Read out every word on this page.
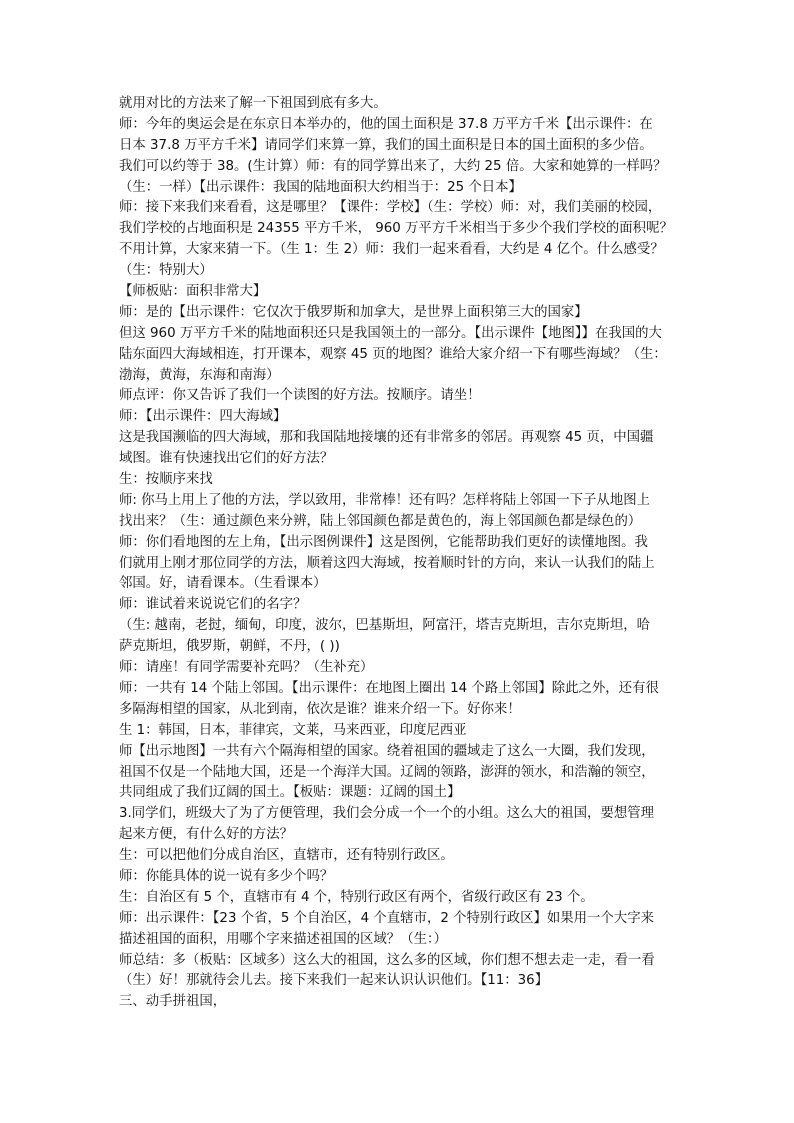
就用对比的方法来了解一下祖国到底有多大。
师：今年的奥运会是在东京日本举办的，他的国土面积是 37.8 万平方千米【出示课件：在
日本 37.8 万平方千米】请同学们来算一算，我们的国土面积是日本的国土面积的多少倍。
我们可以约等于 38。(生计算）师：有的同学算出来了，大约 25 倍。大家和她算的一样吗？
（生：一样）【出示课件：我国的陆地面积大约相当于：25 个日本】
师：接下来我们来看看，这是哪里？【课件：学校】（生：学校）师：对，我们美丽的校园，
我们学校的占地面积是 24355 平方千米， 960 万平方千米相当于多少个我们学校的面积呢？
不用计算，大家来猜一下。（生 1：生 2）师：我们一起来看看，大约是 4 亿个。什么感受？
（生：特别大）
【师板贴：面积非常大】
师：是的【出示课件：它仅次于俄罗斯和加拿大，是世界上面积第三大的国家】
但这 960 万平方千米的陆地面积还只是我国领土的一部分。【出示课件【地图】】在我国的大
陆东面四大海域相连，打开课本，观察 45 页的地图？谁给大家介绍一下有哪些海域？（生：
渤海，黄海，东海和南海）
师点评：你又告诉了我们一个读图的好方法。按顺序。请坐！
师：【出示课件：四大海域】
这是我国濒临的四大海域，那和我国陆地接壤的还有非常多的邻居。再观察 45 页，中国疆
域图。谁有快速找出它们的好方法？
生：按顺序来找
师: 你马上用上了他的方法，学以致用，非常棒！还有吗？怎样将陆上邻国一下子从地图上
找出来？（生：通过颜色来分辨，陆上邻国颜色都是黄色的，海上邻国颜色都是绿色的）
师：你们看地图的左上角，【出示图例课件】这是图例，它能帮助我们更好的读懂地图。我
们就用上刚才那位同学的方法，顺着这四大海域，按着顺时针的方向，来认一认我们的陆上
邻国。好，请看课本。（生看课本）
师：谁试着来说说它们的名字？
（生: 越南，老挝，缅甸，印度，波尔，巴基斯坦，阿富汗，塔吉克斯坦，吉尔克斯坦，哈
萨克斯坦，俄罗斯，朝鲜，不丹，( ))
师：请座！有同学需要补充吗？（生补充）
师：一共有 14 个陆上邻国。【出示课件：在地图上圈出 14 个路上邻国】除此之外，还有很
多隔海相望的国家，从北到南，依次是谁？谁来介绍一下。好你来！
生 1：韩国，日本，菲律宾，文莱，马来西亚，印度尼西亚
师【出示地图】一共有六个隔海相望的国家。绕着祖国的疆域走了这么一大圈，我们发现，
祖国不仅是一个陆地大国，还是一个海洋大国。辽阔的领路，澎湃的领水，和浩瀚的领空，
共同组成了我们辽阔的国土。【板贴：课题：辽阔的国土】
3.同学们，班级大了为了方便管理，我们会分成一个一个的小组。这么大的祖国，要想管理
起来方便，有什么好的方法？
生：可以把他们分成自治区，直辖市，还有特别行政区。
师：你能具体的说一说有多少个吗？
生：自治区有 5 个，直辖市有 4 个，特别行政区有两个，省级行政区有 23 个。
师：出示课件：【23 个省，5 个自治区，4 个直辖市，2 个特别行政区】如果用一个大字来
描述祖国的面积，用哪个字来描述祖国的区域？（生：）
师总结：多（板贴：区域多）这么大的祖国，这么多的区域，你们想不想去走一走，看一看
（生）好！那就待会儿去。接下来我们一起来认识认识他们。【11：36】
三、动手拼祖国，
